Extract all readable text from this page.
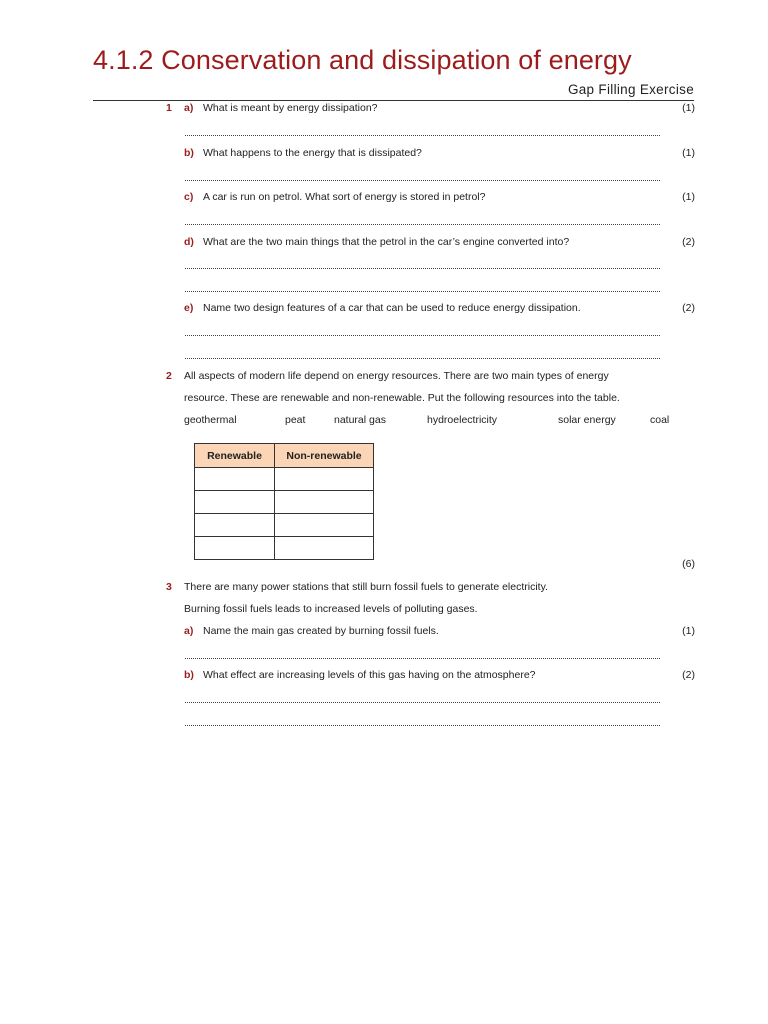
4.1.2 Conservation and dissipation of energy
Gap Filling Exercise
1 a) What is meant by energy dissipation?	(1)
b) What happens to the energy that is dissipated?	(1)
c) A car is run on petrol. What sort of energy is stored in petrol?	(1)
d) What are the two main things that the petrol in the car’s engine converted into?	(2)
e) Name two design features of a car that can be used to reduce energy dissipation.	(2)
2 All aspects of modern life depend on energy resources. There are two main types of energy
resource. These are renewable and non-renewable. Put the following resources into the table.
geothermal	peat	natural gas	hydroelectricity	solar energy	coal
Renewable	Non-renewable

(6)
3 There are many power stations that still burn fossil fuels to generate electricity.
Burning fossil fuels leads to increased levels of polluting gases.
a) Name the main gas created by burning fossil fuels.	(1)
b) What effect are increasing levels of this gas having on the atmosphere?	(2)
